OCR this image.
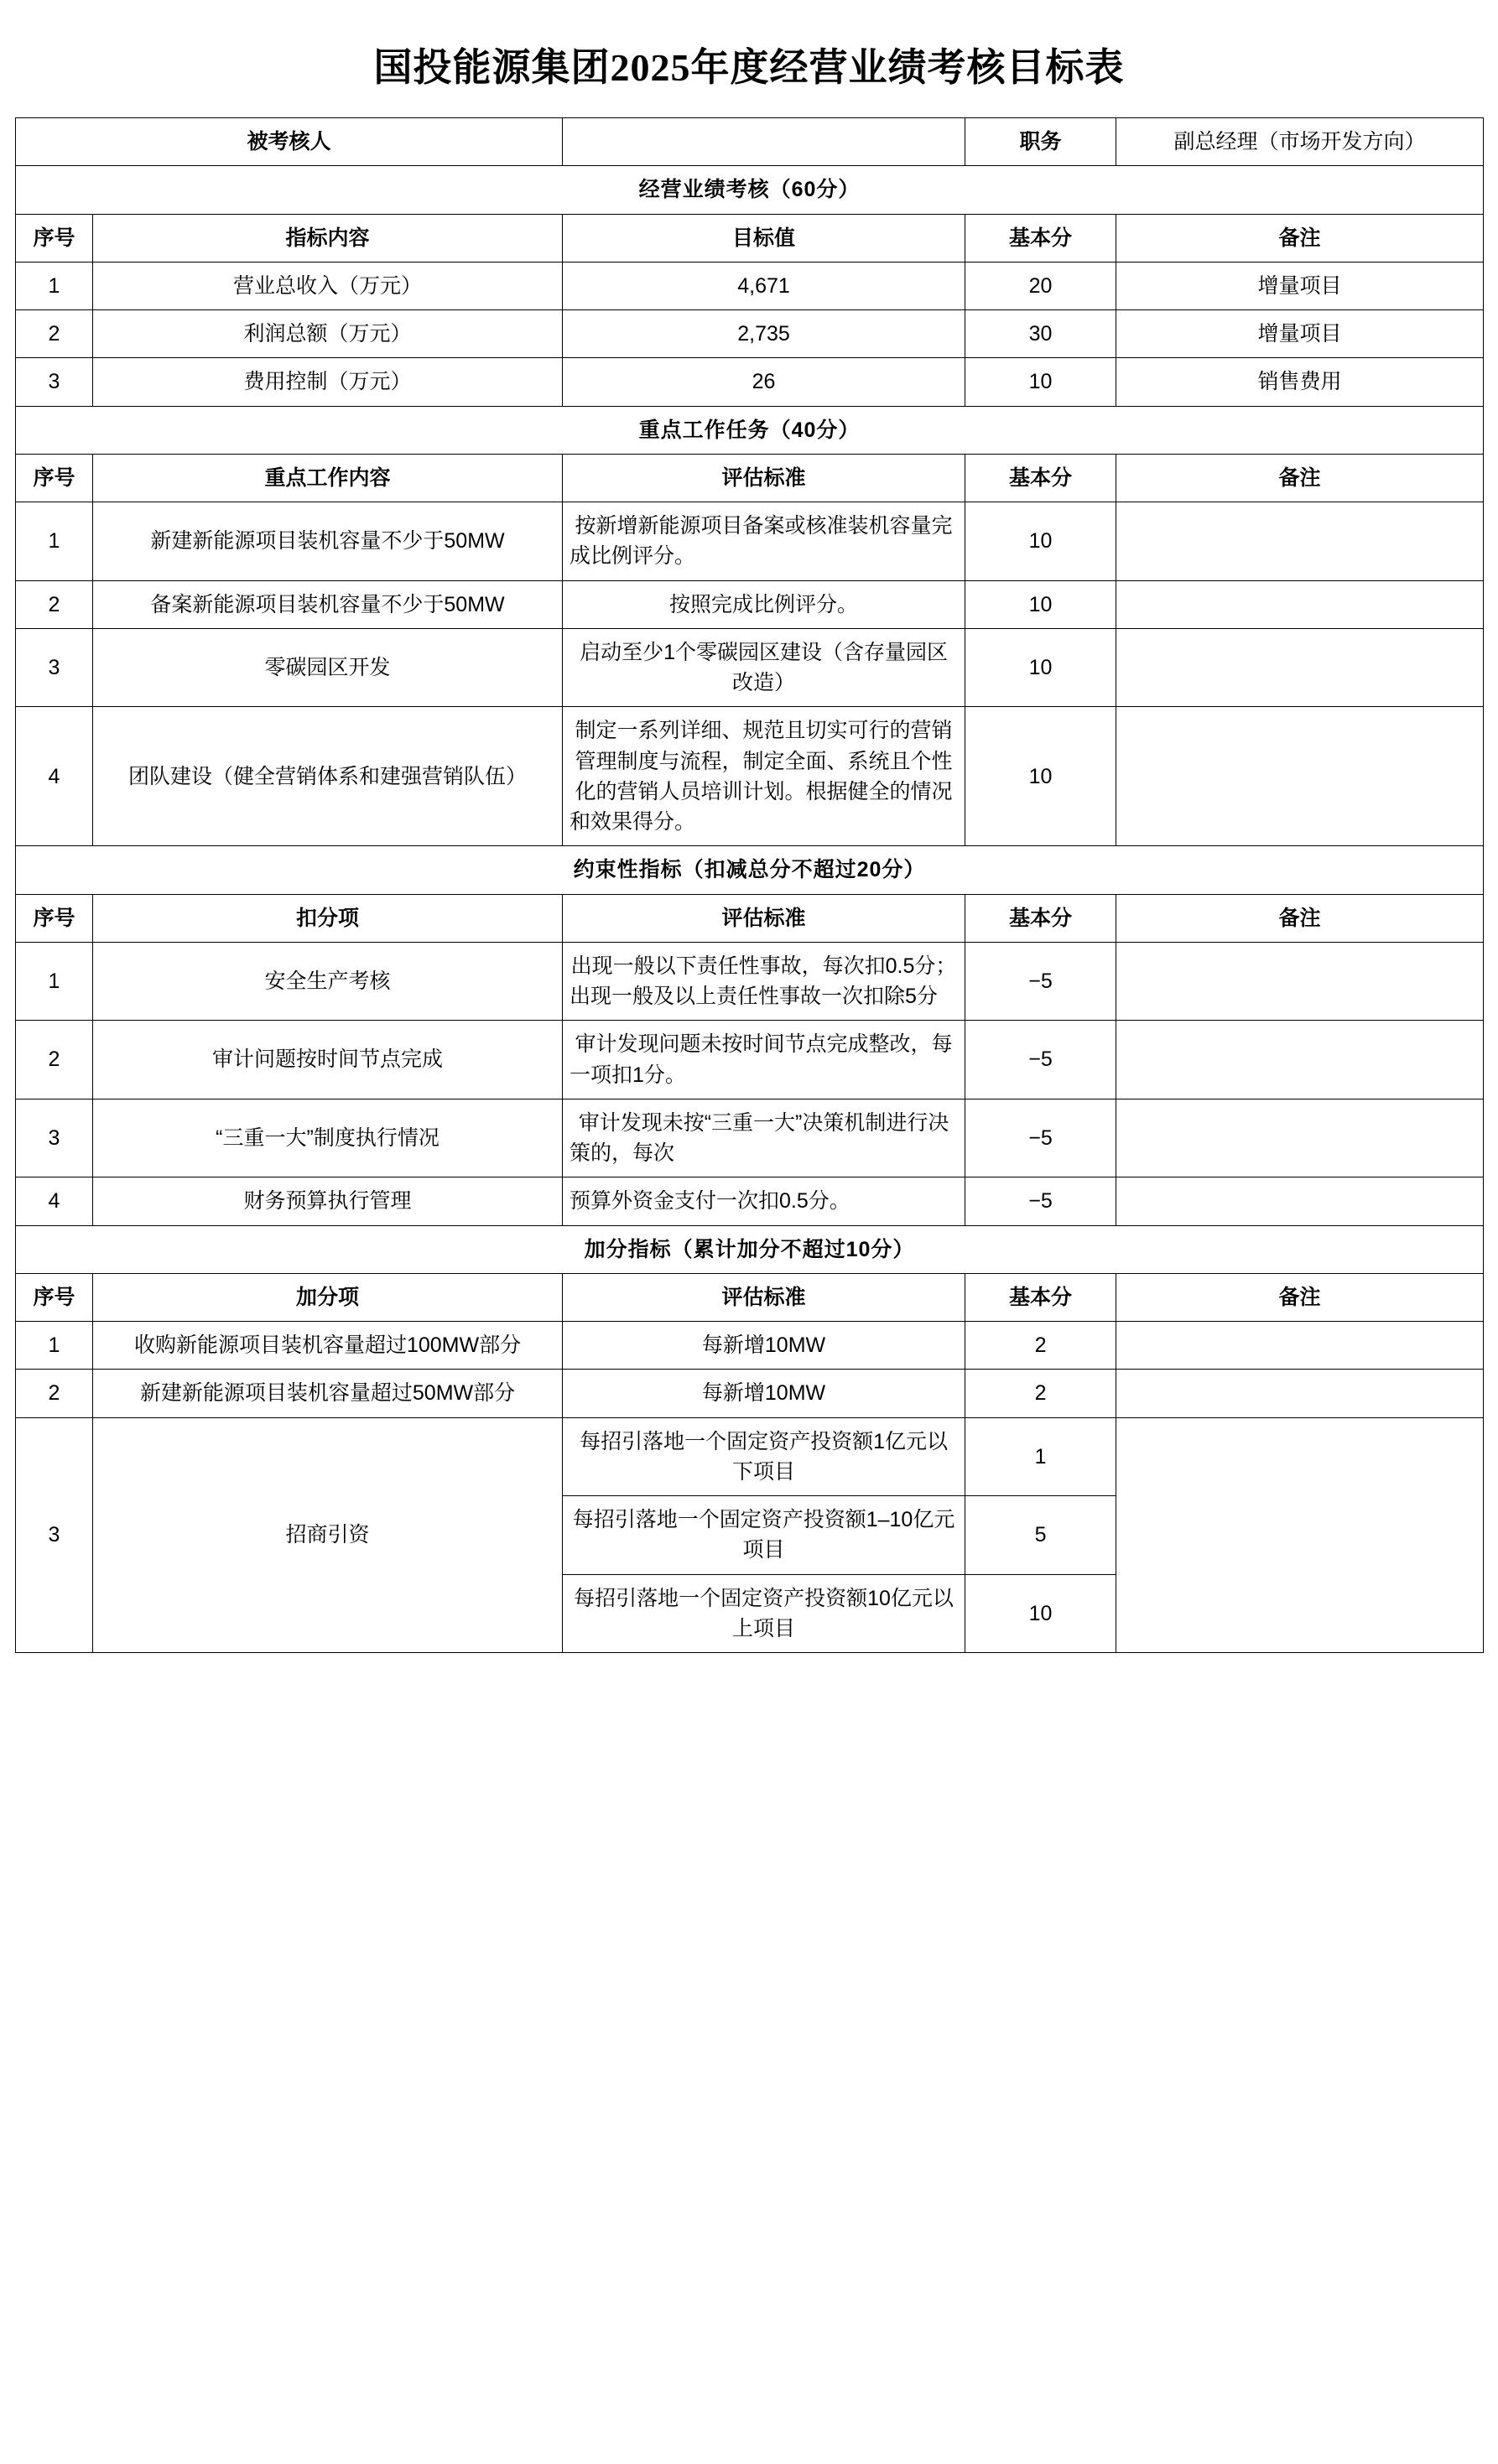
国投能源集团2025年度经营业绩考核目标表
被考核人			职务	副总经理（市场开发方向）
经营业绩考核（60分）				
序号	指标内容	目标值	基本分	备注
1	营业总收入（万元）	4,671	20	增量项目
2	利润总额（万元）	2,735	30	增量项目
3	费用控制（万元）	26	10	销售费用
重点工作任务（40分）				
序号	重点工作内容	评估标准	基本分	备注
1	新建新能源项目装机容量不少于50MW	按新增新能源项目备案或核准装机容量完成比例评分。	10	
2	备案新能源项目装机容量不少于50MW	按照完成比例评分。	10	
3	零碳园区开发	启动至少1个零碳园区建设（含存量园区改造）	10	
4	团队建设（健全营销体系和建强营销队伍）	制定一系列详细、规范且切实可行的营销管理制度与流程，制定全面、系统且个性化的营销人员培训计划。根据健全的情况和效果得分。	10	
约束性指标（扣减总分不超过20分）				
序号	扣分项	评估标准	基本分	备注
1	安全生产考核	出现一般以下责任性事故，每次扣0.5分；出现一般及以上责任性事故一次扣除5分	−5	
2	审计问题按时间节点完成	审计发现问题未按时间节点完成整改，每一项扣1分。	−5	
3	“三重一大”制度执行情况	审计发现未按“三重一大”决策机制进行决策的，每次	−5	
4	财务预算执行管理	预算外资金支付一次扣0.5分。	−5	
加分指标（累计加分不超过10分）				
序号	加分项	评估标准	基本分	备注
1	收购新能源项目装机容量超过100MW部分	每新增10MW	2	
2	新建新能源项目装机容量超过50MW部分	每新增10MW	2	
3	招商引资	每招引落地一个固定资产投资额1亿元以下项目	1	
		每招引落地一个固定资产投资额1–10亿元项目	5	
		每招引落地一个固定资产投资额10亿元以上项目	10	
